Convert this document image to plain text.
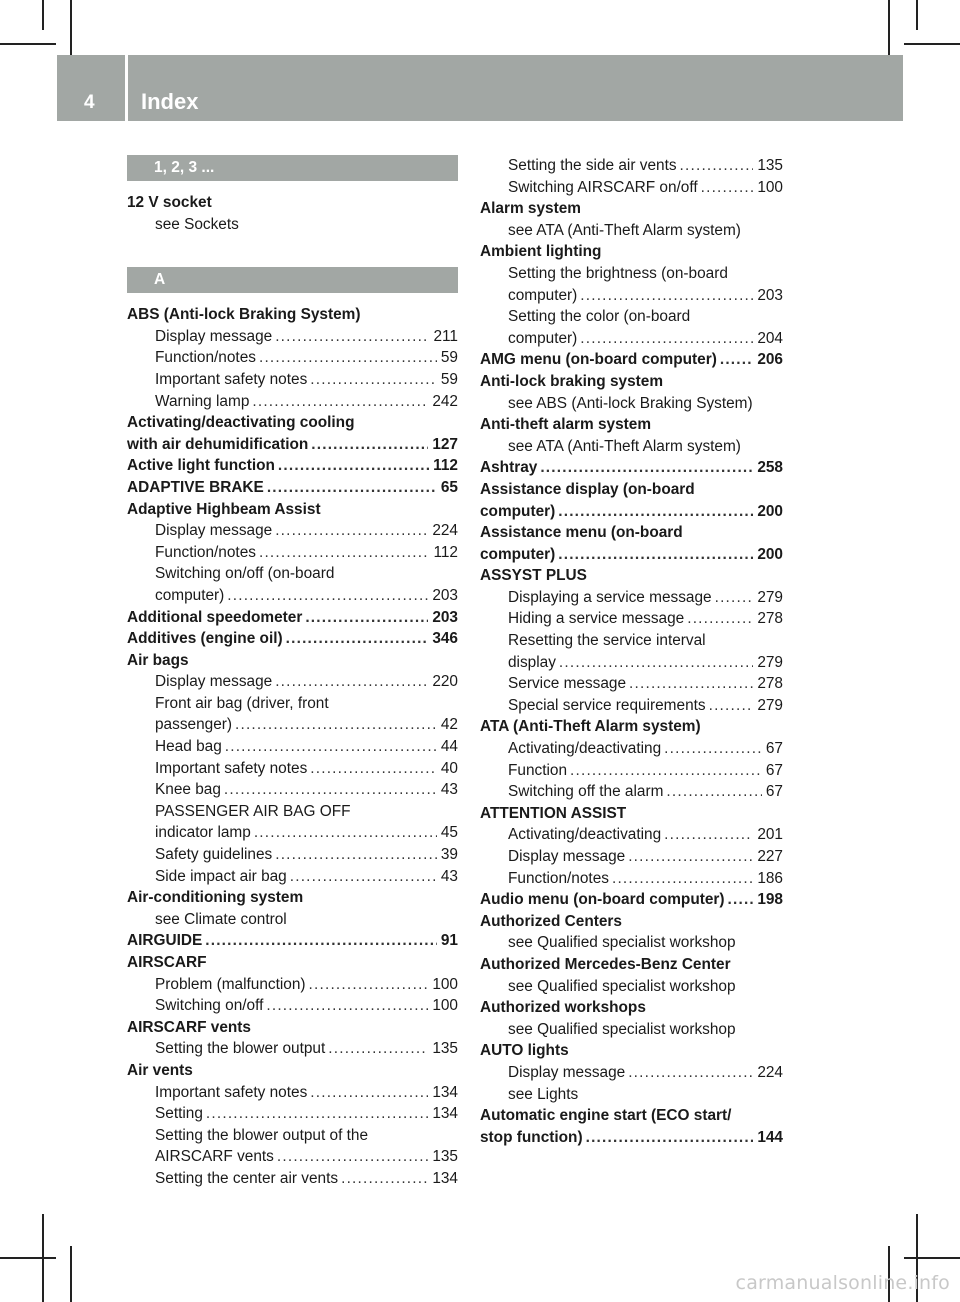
4 Index
1, 2, 3 ...
12 V socket
see Sockets
A
ABS (Anti-lock Braking System)
Display message .....	211
Function/notes .....	59
Important safety notes .....	59
Warning lamp .....	242
Activating/deactivating cooling
with air dehumidification .....	127
Active light function .....	112
ADAPTIVE BRAKE .....	65
Adaptive Highbeam Assist
Display message .....	224
Function/notes .....	112
Switching on/off (on-board
computer) .....	203
Additional speedometer .....	203
Additives (engine oil) .....	346
Air bags
Display message .....	220
Front air bag (driver, front
passenger) .....	42
Head bag .....	44
Important safety notes .....	40
Knee bag .....	43
PASSENGER AIR BAG OFF
indicator lamp .....	45
Safety guidelines .....	39
Side impact air bag .....	43
Air-conditioning system
see Climate control
AIRGUIDE .....	91
AIRSCARF
Problem (malfunction) .....	100
Switching on/off .....	100
AIRSCARF vents
Setting the blower output .....	135
Air vents
Important safety notes .....	134
Setting .....	134
Setting the blower output of the
AIRSCARF vents .....	135
Setting the center air vents .....	134
Setting the side air vents .....	135
Switching AIRSCARF on/off .....	100
Alarm system
see ATA (Anti-Theft Alarm system)
Ambient lighting
Setting the brightness (on-board
computer) .....	203
Setting the color (on-board
computer) .....	204
AMG menu (on-board computer) .....	206
Anti-lock braking system
see ABS (Anti-lock Braking System)
Anti-theft alarm system
see ATA (Anti-Theft Alarm system)
Ashtray .....	258
Assistance display (on-board
computer) .....	200
Assistance menu (on-board
computer) .....	200
ASSYST PLUS
Displaying a service message .....	279
Hiding a service message .....	278
Resetting the service interval
display .....	279
Service message .....	278
Special service requirements .....	279
ATA (Anti-Theft Alarm system)
Activating/deactivating .....	67
Function .....	67
Switching off the alarm .....	67
ATTENTION ASSIST
Activating/deactivating .....	201
Display message .....	227
Function/notes .....	186
Audio menu (on-board computer) ..... 198
Authorized Centers
see Qualified specialist workshop
Authorized Mercedes-Benz Center
see Qualified specialist workshop
Authorized workshops
see Qualified specialist workshop
AUTO lights
Display message .....	224
see Lights
Automatic engine start (ECO start/
stop function) .....	144
carmanualsonline.info
